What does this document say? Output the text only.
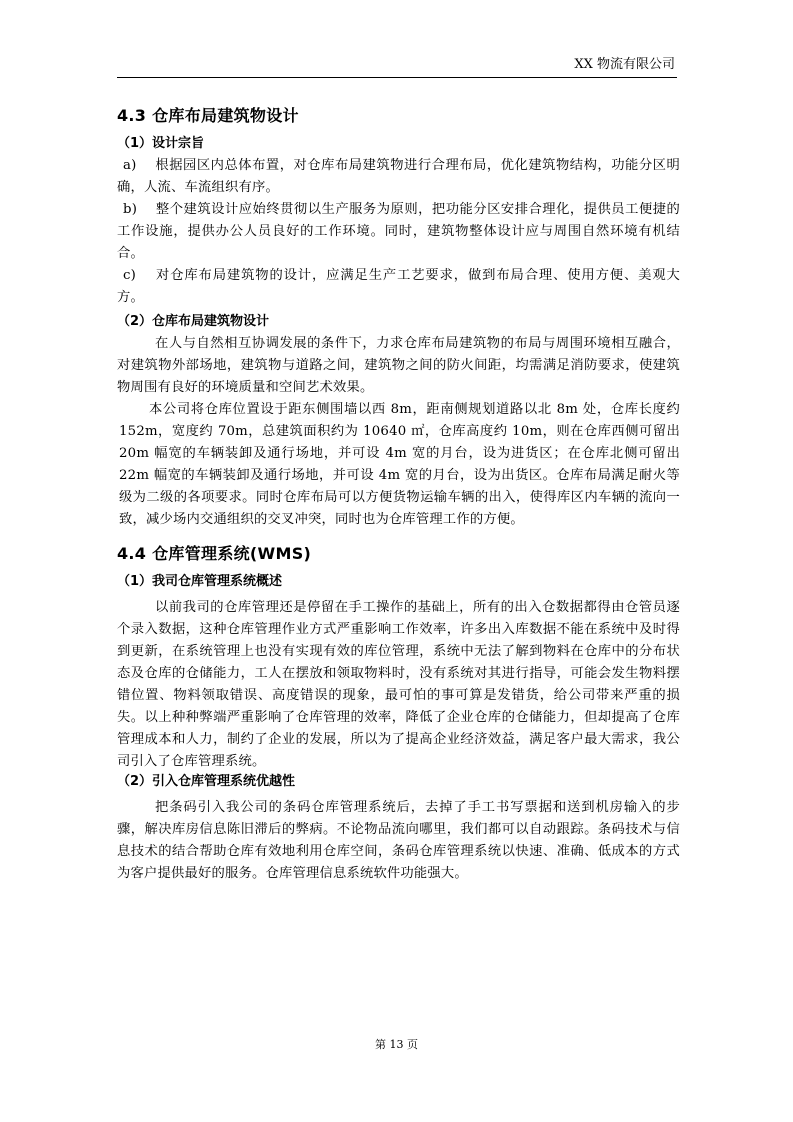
XX 物流有限公司
4.3 仓库布局建筑物设计
（1）设计宗旨

a)　 根据园区内总体布置，对仓库布局建筑物进行合理布局，优化建筑物结构，功能分区明确，人流、车流组织有序。

b)　 整个建筑设计应始终贯彻以生产服务为原则，把功能分区安排合理化，提供员工便捷的工作设施，提供办公人员良好的工作环境。同时，建筑物整体设计应与周围自然环境有机结合。

c)　 对仓库布局建筑物的设计，应满足生产工艺要求，做到布局合理、使用方便、美观大方。

（2）仓库布局建筑物设计

在人与自然相互协调发展的条件下，力求仓库布局建筑物的布局与周围环境相互融合，对建筑物外部场地，建筑物与道路之间，建筑物之间的防火间距，均需满足消防要求，使建筑物周围有良好的环境质量和空间艺术效果。

本公司将仓库位置设于距东侧围墙以西 8m，距南侧规划道路以北 8m 处，仓库长度约 152m，宽度约 70m，总建筑面积约为 10640 ㎡，仓库高度约 10m，则在仓库西侧可留出 20m 幅宽的车辆装卸及通行场地，并可设 4m 宽的月台，设为进货区；在仓库北侧可留出 22m 幅宽的车辆装卸及通行场地，并可设 4m 宽的月台，设为出货区。仓库布局满足耐火等级为二级的各项要求。同时仓库布局可以方便货物运输车辆的出入，使得库区内车辆的流向一致，减少场内交通组织的交叉冲突，同时也为仓库管理工作的方便。

4.4 仓库管理系统(WMS)
（1）我司仓库管理系统概述

以前我司的仓库管理还是停留在手工操作的基础上，所有的出入仓数据都得由仓管员逐个录入数据，这种仓库管理作业方式严重影响工作效率，许多出入库数据不能在系统中及时得到更新，在系统管理上也没有实现有效的库位管理，系统中无法了解到物料在仓库中的分布状态及仓库的仓储能力，工人在摆放和领取物料时，没有系统对其进行指导，可能会发生物料摆错位置、物料领取错误、高度错误的现象，最可怕的事可算是发错货，给公司带来严重的损失。以上种种弊端严重影响了仓库管理的效率，降低了企业仓库的仓储能力，但却提高了仓库管理成本和人力，制约了企业的发展，所以为了提高企业经济效益，满足客户最大需求，我公司引入了仓库管理系统。

（2）引入仓库管理系统优越性

把条码引入我公司的条码仓库管理系统后，去掉了手工书写票据和送到机房输入的步骤，解决库房信息陈旧滞后的弊病。不论物品流向哪里，我们都可以自动跟踪。条码技术与信息技术的结合帮助仓库有效地利用仓库空间，条码仓库管理系统以快速、准确、低成本的方式为客户提供最好的服务。仓库管理信息系统软件功能强大。

第 13 页
